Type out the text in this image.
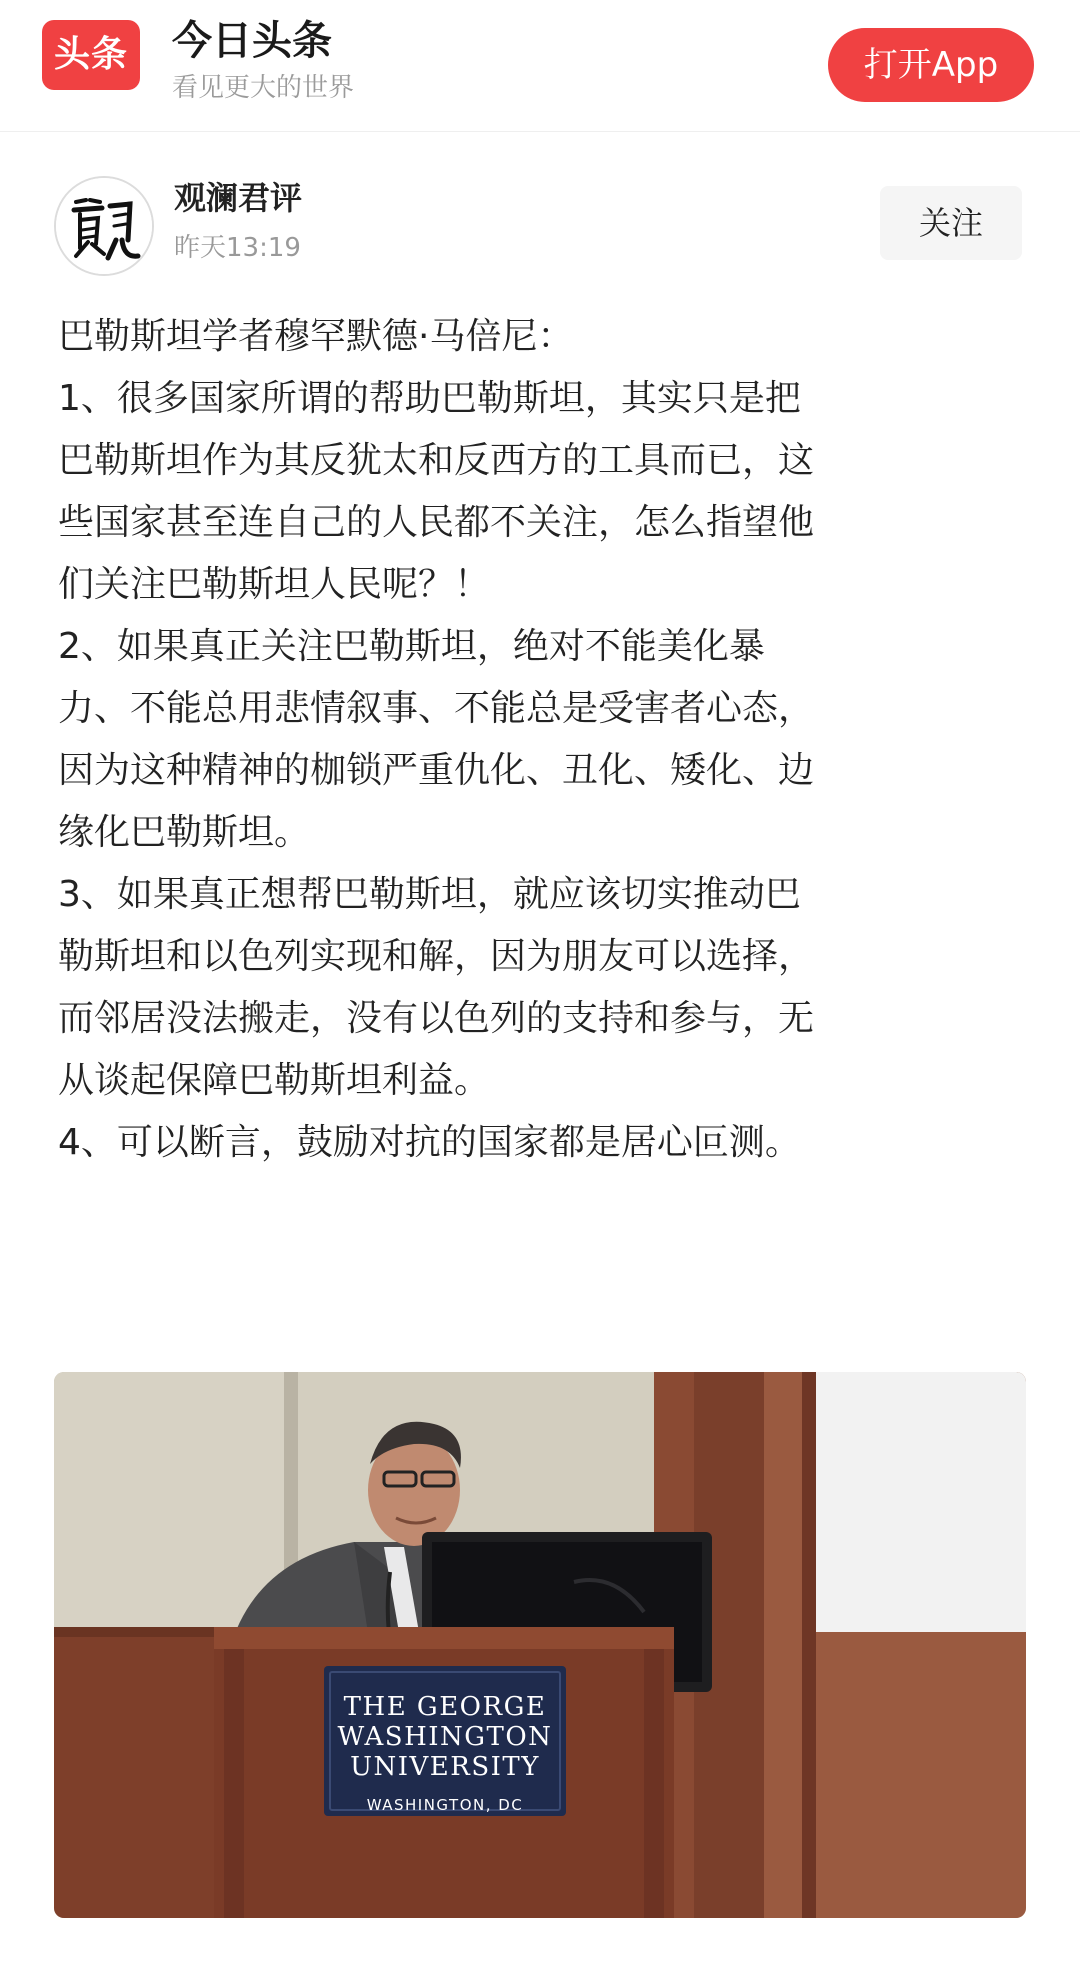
头条	今日头条
看见更大的世界
打开App
观澜君评
昨天13:19
关注
巴勒斯坦学者穆罕默德·马倍尼：
1、很多国家所谓的帮助巴勒斯坦，其实只是把
巴勒斯坦作为其反犹太和反西方的工具而已，这
些国家甚至连自己的人民都不关注，怎么指望他
们关注巴勒斯坦人民呢？！
2、如果真正关注巴勒斯坦，绝对不能美化暴
力、不能总用悲情叙事、不能总是受害者心态，
因为这种精神的枷锁严重仇化、丑化、矮化、边
缘化巴勒斯坦。
3、如果真正想帮巴勒斯坦，就应该切实推动巴
勒斯坦和以色列实现和解，因为朋友可以选择，
而邻居没法搬走，没有以色列的支持和参与，无
从谈起保障巴勒斯坦利益。
4、可以断言，鼓励对抗的国家都是居心叵测。
THE GEORGE
WASHINGTON
UNIVERSITY
WASHINGTON, DC
